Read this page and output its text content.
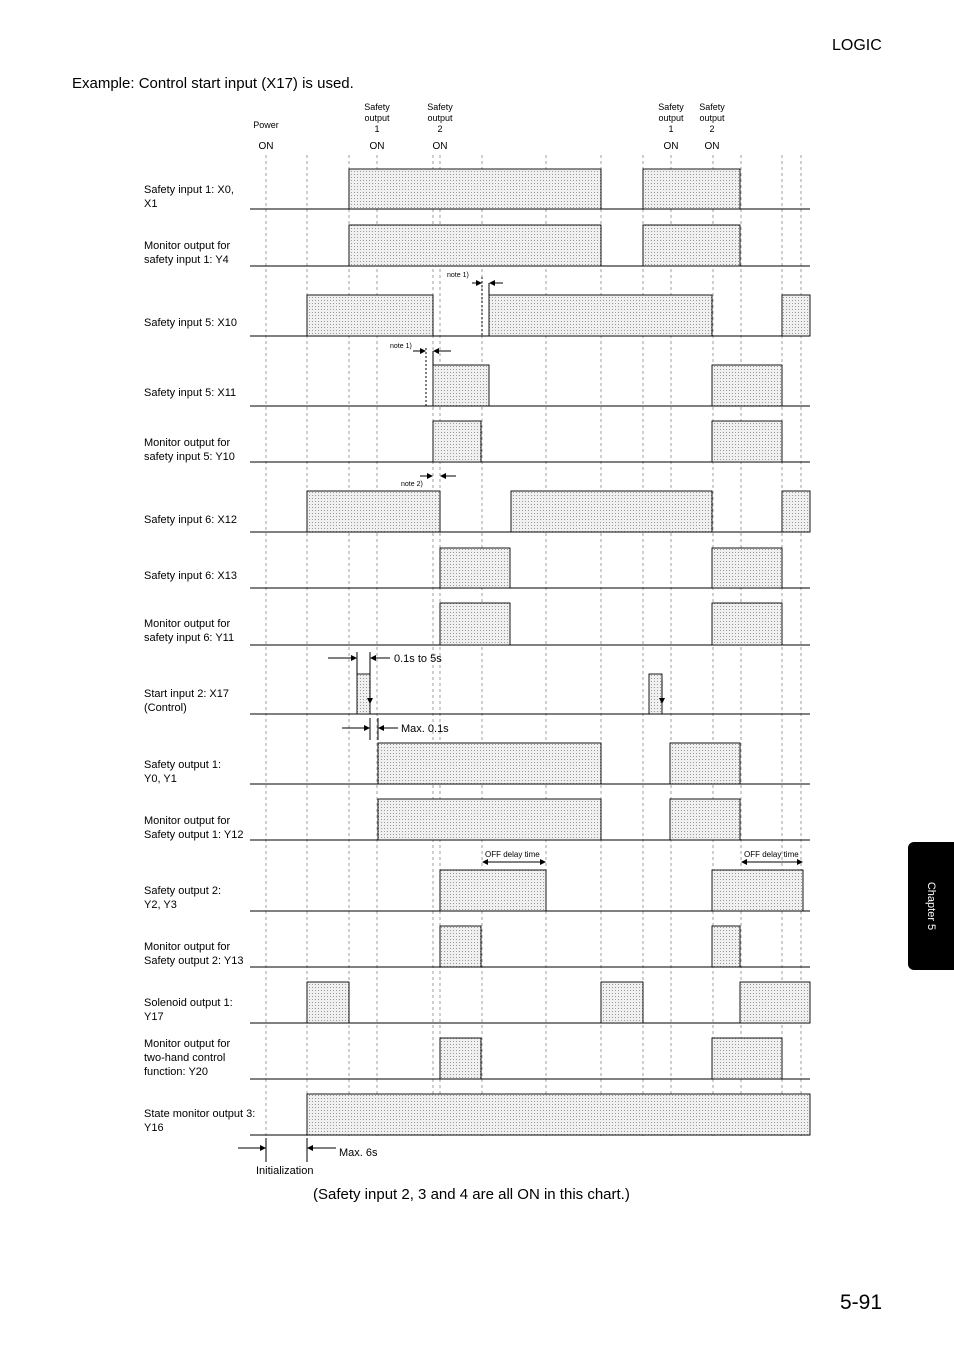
LOGIC
Example: Control start input (X17) is used.
Safety input 1: X0,
X1
Monitor output for
safety input 1: Y4
Safety input 5: X10
Safety input 5: X11
Monitor output for
safety input 5: Y10
Safety input 6: X12
Safety input 6: X13
Monitor output for
safety input 6: Y11
Start input 2: X17
(Control)
Safety output 1:
Y0, Y1
Monitor output for
Safety output 1: Y12
Safety output 2:
Y2, Y3
Monitor output for
Safety output 2: Y13
Solenoid output 1:
Y17
Monitor output for
two-hand control
function: Y20
State monitor output 3:
Y16
Power
ON
Safety
output
1
ON
Safety
output
2
ON
Safety
output
1
ON
Safety
output
2
ON
note 1)
note 1)
note 2)
0.1s to 5s
Max. 0.1s
OFF delay time	OFF delay time
Max. 6s
Initialization
(Safety input 2, 3 and 4 are all ON in this chart.)
5-91
Chapter 5
